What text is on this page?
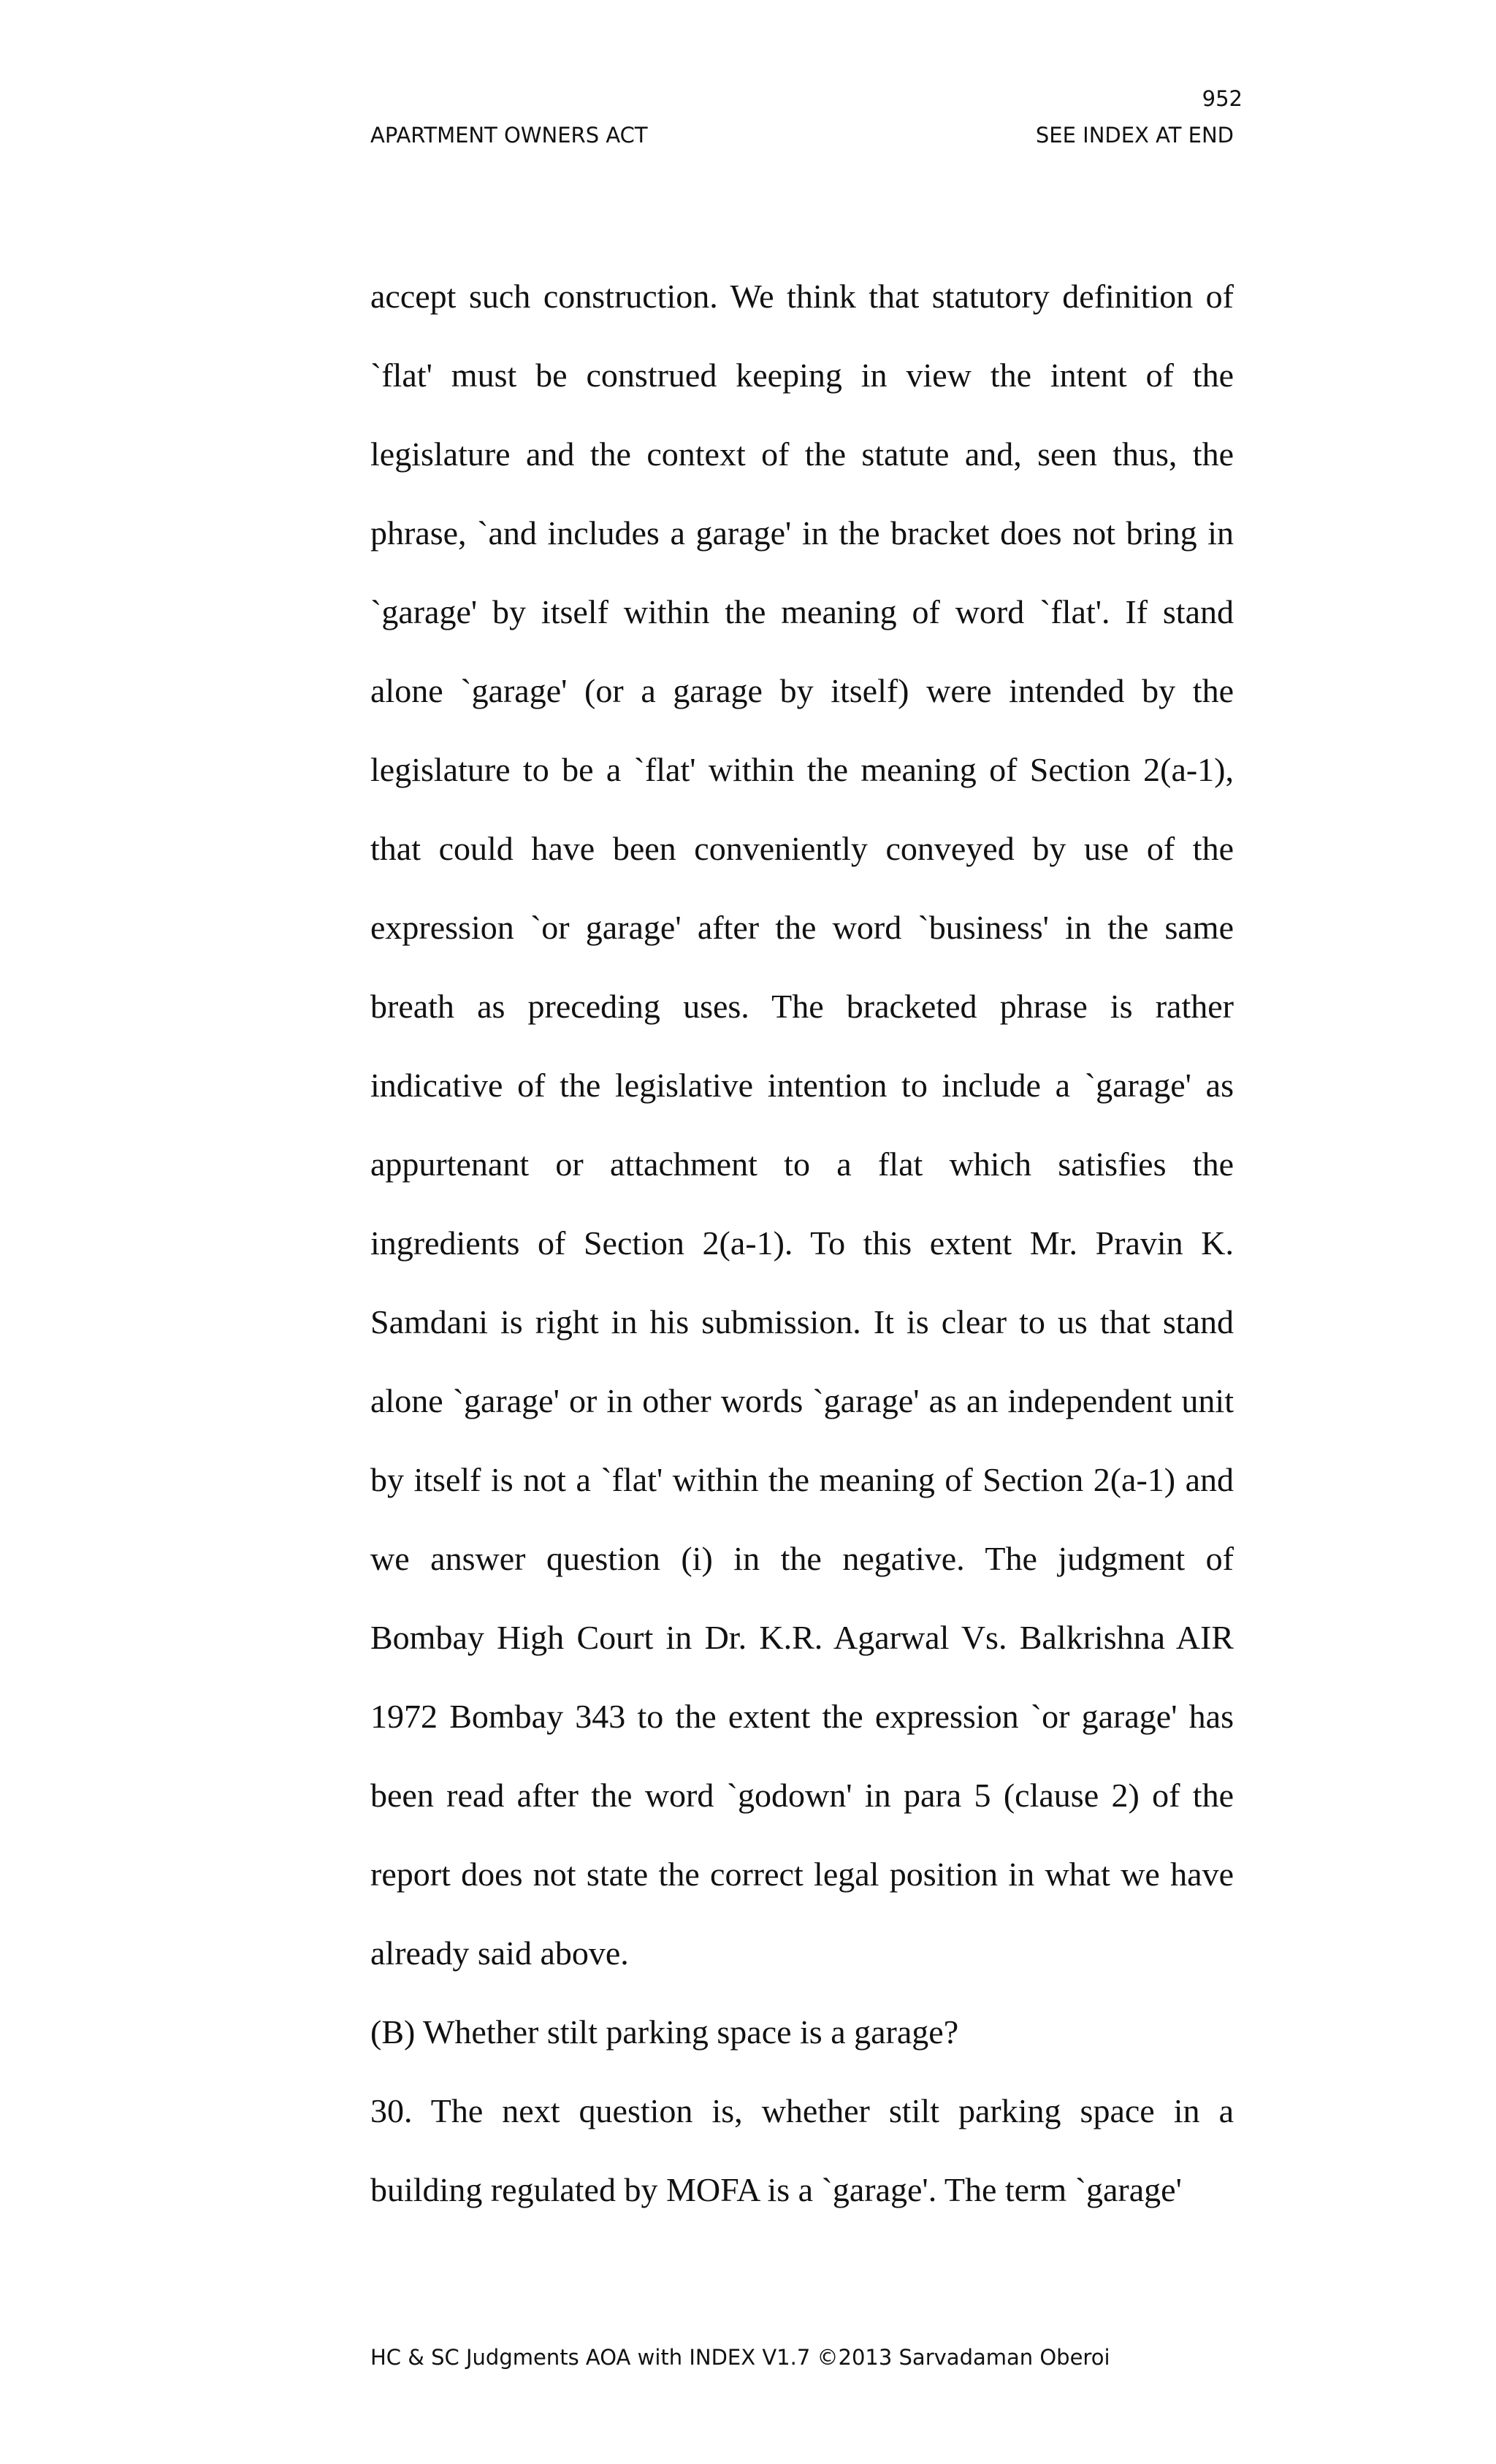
952
APARTMENT OWNERS ACT	SEE INDEX AT END

accept such construction. We think that statutory definition of `flat' must be construed keeping in view the intent of the legislature and the context of the statute and, seen thus, the phrase, `and includes a garage' in the bracket does not bring in `garage' by itself within the meaning of word `flat'. If stand alone `garage' (or a garage by itself) were intended by the legislature to be a `flat' within the meaning of Section 2(a-1), that could have been conveniently conveyed by use of the expression `or garage' after the word `business' in the same breath as preceding uses. The bracketed phrase is rather indicative of the legislative intention to include a `garage' as appurtenant or attachment to a flat which satisfies the ingredients of Section 2(a-1). To this extent Mr. Pravin K. Samdani is right in his submission. It is clear to us that stand alone `garage' or in other words `garage' as an independent unit by itself is not a `flat' within the meaning of Section 2(a-1) and we answer question (i) in the negative. The judgment of Bombay High Court in Dr. K.R. Agarwal Vs. Balkrishna AIR 1972 Bombay 343 to the extent the expression `or garage' has been read after the word `godown' in para 5 (clause 2) of the report does not state the correct legal position in what we have already said above.

(B) Whether stilt parking space is a garage?

30. The next question is, whether stilt parking space in a building regulated by MOFA is a `garage'. The term `garage'

HC & SC Judgments AOA with INDEX V1.7 ©2013 Sarvadaman Oberoi
